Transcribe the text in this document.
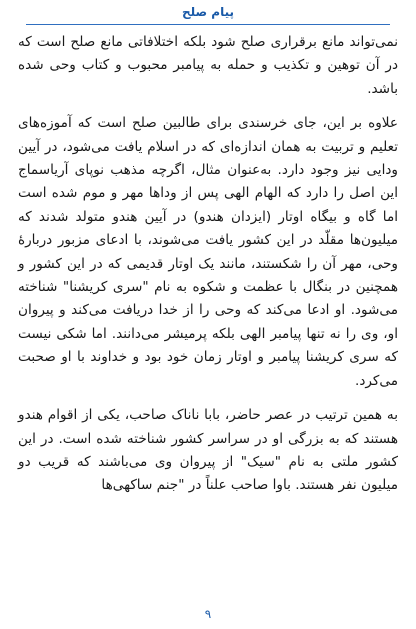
پیام صلح

نمی‌تواند مانع برقراری صلح شود بلکه اختلافاتی مانع صلح است که در آن توهین و تکذیب و حمله به پیامبر محبوب و کتاب وحی شده باشد.

علاوه بر این، جای خرسندی برای طالبین صلح است که آموزه‌های تعلیم و تربیت به همان اندازه‌ای که در اسلام یافت می‌شود، در آیین ودایی نیز وجود دارد. به‌عنوان مثال، اگرچه مذهب نوپای آریاسماج این اصل را دارد که الهام الهی پس از وداها مهر و موم شده است اما گاه و بیگاه اوتار (ایزدان هندو) در آیین هندو متولد شدند که میلیون‌ها مقلّد در این کشور یافت می‌شوند، با ادعای مزبور دربارهٔ وحی، مهر آن را شکستند، مانند یک اوتار قدیمی که در این کشور و همچنین در بنگال با عظمت و شکوه به نام "سری کریشنا" شناخته می‌شود. او ادعا می‌کند که وحی را از خدا دریافت می‌کند و پیروان او، وی را نه تنها پیامبر الهی بلکه پرمیشر می‌دانند. اما شکی نیست که سری کریشنا پیامبر و اوتار زمان خود بود و خداوند با او صحبت می‌کرد.

به همین ترتیب در عصر حاضر، بابا ناناک صاحب، یکی از اقوام هندو هستند که به بزرگی او در سراسر کشور شناخته شده است. در این کشور ملتی به نام "سیک" از پیروان وی می‌باشند که قریب دو میلیون نفر هستند. باوا صاحب علناً در "جنم ساکهی‌ها

۹
